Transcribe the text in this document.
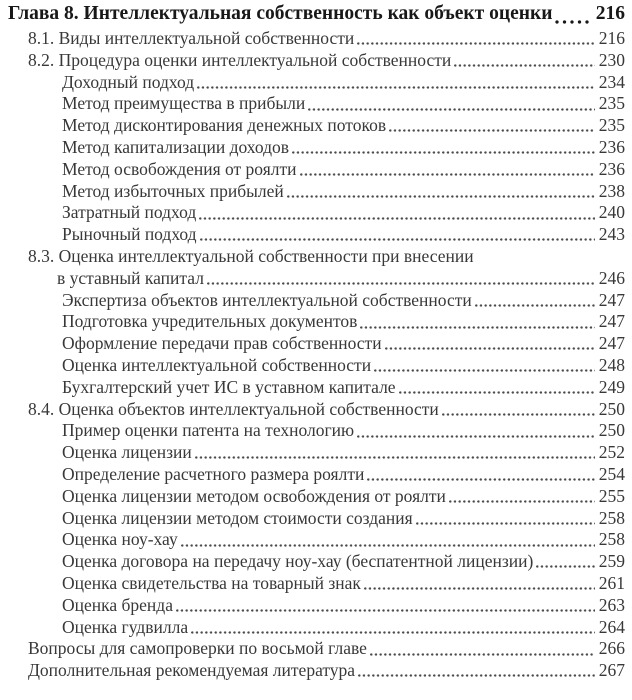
Глава 8. Интеллектуальная собственность как объект оценки 216
8.1. Виды интеллектуальной собственности	216
8.2. Процедура оценки интеллектуальной собственности	230
Доходный подход	234
Метод преимущества в прибыли	235
Метод дисконтирования денежных потоков	235
Метод капитализации доходов	236
Метод освобождения от роялти	236
Метод избыточных прибылей	238
Затратный подход	240
Рыночный подход	243
8.3. Оценка интеллектуальной собственности при внесении
в уставный капитал	246
Экспертиза объектов интеллектуальной собственности	247
Подготовка учредительных документов	247
Оформление передачи прав собственности	247
Оценка интеллектуальной собственности	248
Бухгалтерский учет ИС в уставном капитале	249
8.4. Оценка объектов интеллектуальной собственности	250
Пример оценки патента на технологию	250
Оценка лицензии	252
Определение расчетного размера роялти	254
Оценка лицензии методом освобождения от роялти	255
Оценка лицензии методом стоимости создания	258
Оценка ноу-хау	258
Оценка договора на передачу ноу-хау (беспатентной лицензии)	259
Оценка свидетельства на товарный знак	261
Оценка бренда	263
Оценка гудвилла	264
Вопросы для самопроверки по восьмой главе	266
Дополнительная рекомендуемая литература	267
